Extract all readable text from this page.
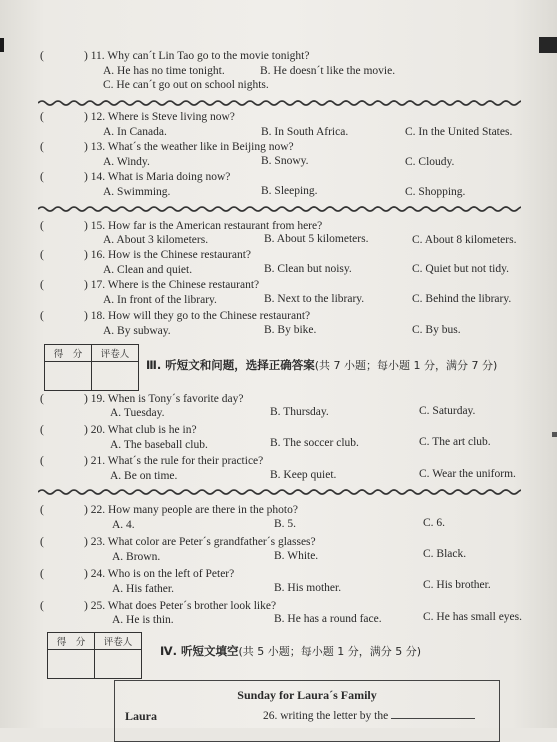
(	) 11. Why can´t Lin Tao go to the movie tonight?
A. He has no time tonight.	B. He doesn´t like the movie.
C. He can´t go out on school nights.
(	) 12. Where is Steve living now?
A. In Canada.	B. In South Africa.	C. In the United States.
(	) 13. What´s the weather like in Beijing now?
A. Windy.	B. Snowy.	C. Cloudy.
(	) 14. What is Maria doing now?
A. Swimming.	B. Sleeping.	C. Shopping.
(	) 15. How far is the American restaurant from here?
A. About 3 kilometers.	B. About 5 kilometers.	C. About 8 kilometers.
(	) 16. How is the Chinese restaurant?
A. Clean and quiet.	B. Clean but noisy.	C. Quiet but not tidy.
(	) 17. Where is the Chinese restaurant?
A. In front of the library.	B. Next to the library.	C. Behind the library.
(	) 18. How will they go to the Chinese restaurant?
A. By subway.	B. By bike.	C. By bus.
得　分	评卷人

Ⅲ. 听短文和问题，选择正确答案(共 7 小题；每小题 1 分，满分 7 分)
(	) 19. When is Tony´s favorite day?
A. Tuesday.	B. Thursday.	C. Saturday.
(	) 20. What club is he in?
A. The baseball club.	B. The soccer club.	C. The art club.
(	) 21. What´s the rule for their practice?
A. Be on time.	B. Keep quiet.	C. Wear the uniform.
(	) 22. How many people are there in the photo?
A. 4.	B. 5.	C. 6.
(	) 23. What color are Peter´s grandfather´s glasses?
A. Brown.	B. White.	C. Black.
(	) 24. Who is on the left of Peter?
A. His father.	B. His mother.	C. His brother.
(	) 25. What does Peter´s brother look like?
A. He is thin.	B. He has a round face.	C. He has small eyes.
得　分	评卷人

Ⅳ. 听短文填空(共 5 小题；每小题 1 分，满分 5 分)
Sunday for Laura´s Family
Laura	26. writing the letter by the
